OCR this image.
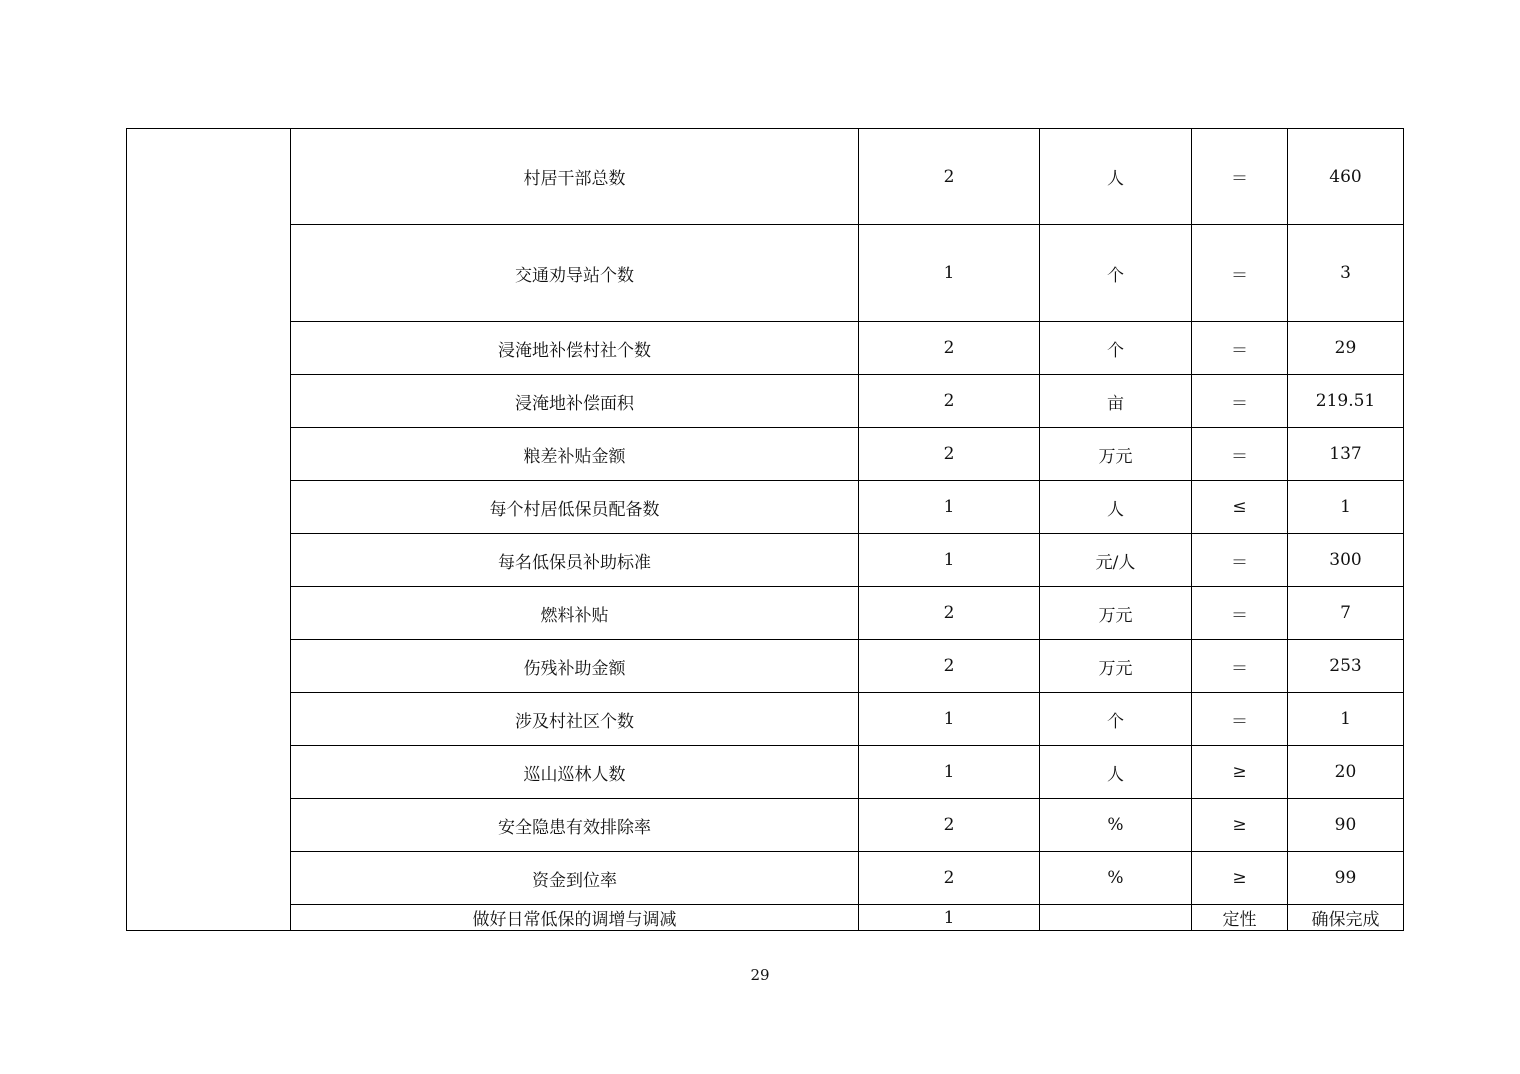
	村居干部总数	2	人	＝	460
	交通劝导站个数	1	个	＝	3
	浸淹地补偿村社个数	2	个	＝	29
	浸淹地补偿面积	2	亩	＝	219.51
	粮差补贴金额	2	万元	＝	137
	每个村居低保员配备数	1	人	≤	1
	每名低保员补助标准	1	元/人	＝	300
	燃料补贴	2	万元	＝	7
	伤残补助金额	2	万元	＝	253
	涉及村社区个数	1	个	＝	1
	巡山巡林人数	1	人	≥	20
	安全隐患有效排除率	2	%	≥	90
	资金到位率	2	%	≥	99
	做好日常低保的调增与调减	1		定性	确保完成
29
